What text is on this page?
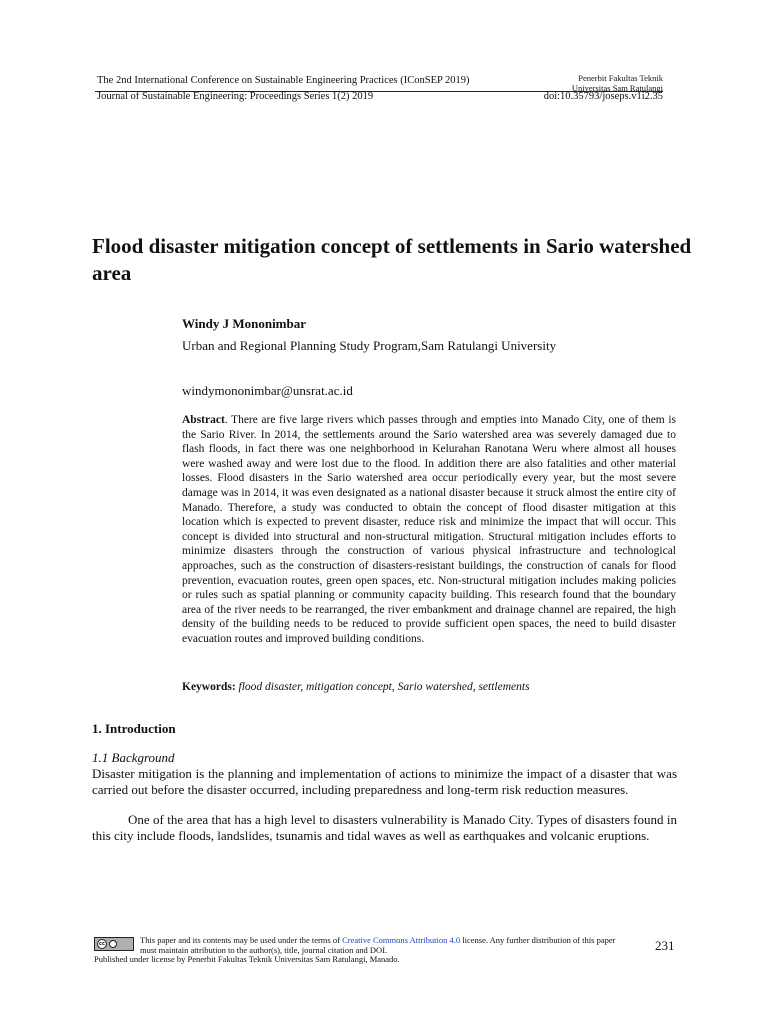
The 2nd International Conference on Sustainable Engineering Practices (IConSEP 2019)	Penerbit Fakultas Teknik
Universitas Sam Ratulangi
Journal of Sustainable Engineering: Proceedings Series 1(2) 2019	doi:10.35793/joseps.v1i2.35
Flood disaster mitigation concept of settlements in Sario watershed area
Windy J Mononimbar
Urban and Regional Planning Study Program,Sam Ratulangi University
windymononimbar@unsrat.ac.id
Abstract. There are five large rivers which passes through and empties into Manado City, one of them is the Sario River. In 2014, the settlements around the Sario watershed area was severely damaged due to flash floods, in fact there was one neighborhood in Kelurahan Ranotana Weru where almost all houses were washed away and were lost due to the flood. In addition there are also fatalities and other material losses. Flood disasters in the Sario watershed area occur periodically every year, but the most severe damage was in 2014, it was even designated as a national disaster because it struck almost the entire city of Manado. Therefore, a study was conducted to obtain the concept of flood disaster mitigation at this location which is expected to prevent disaster, reduce risk and minimize the impact that will occur. This concept is divided into structural and non-structural mitigation. Structural mitigation includes efforts to minimize disasters through the construction of various physical infrastructure and technological approaches, such as the construction of disasters-resistant buildings, the construction of canals for flood prevention, evacuation routes, green open spaces, etc. Non-structural mitigation includes making policies or rules such as spatial planning or community capacity building. This research found that the boundary area of the river needs to be rearranged, the river embankment and drainage channel are repaired, the high density of the building needs to be reduced to provide sufficient open spaces, the need to build disaster evacuation routes and improved building conditions.
Keywords: flood disaster, mitigation concept, Sario watershed, settlements
1. Introduction
1.1 Background
Disaster mitigation is the planning and implementation of actions to minimize the impact of a disaster that was carried out before the disaster occurred, including preparedness and long-term risk reduction measures.
One of the area that has a high level to disasters vulnerability is Manado City. Types of disasters found in this city include floods, landslides, tsunamis and tidal waves as well as earthquakes and volcanic eruptions.
cc	This paper and its contents may be used under the terms of Creative Commons Attribution 4.0 license. Any further distribution of this paper must maintain attribution to the author(s), title, journal citation and DOI.
Published under license by Penerbit Fakultas Teknik Universitas Sam Ratulangi, Manado.
231
